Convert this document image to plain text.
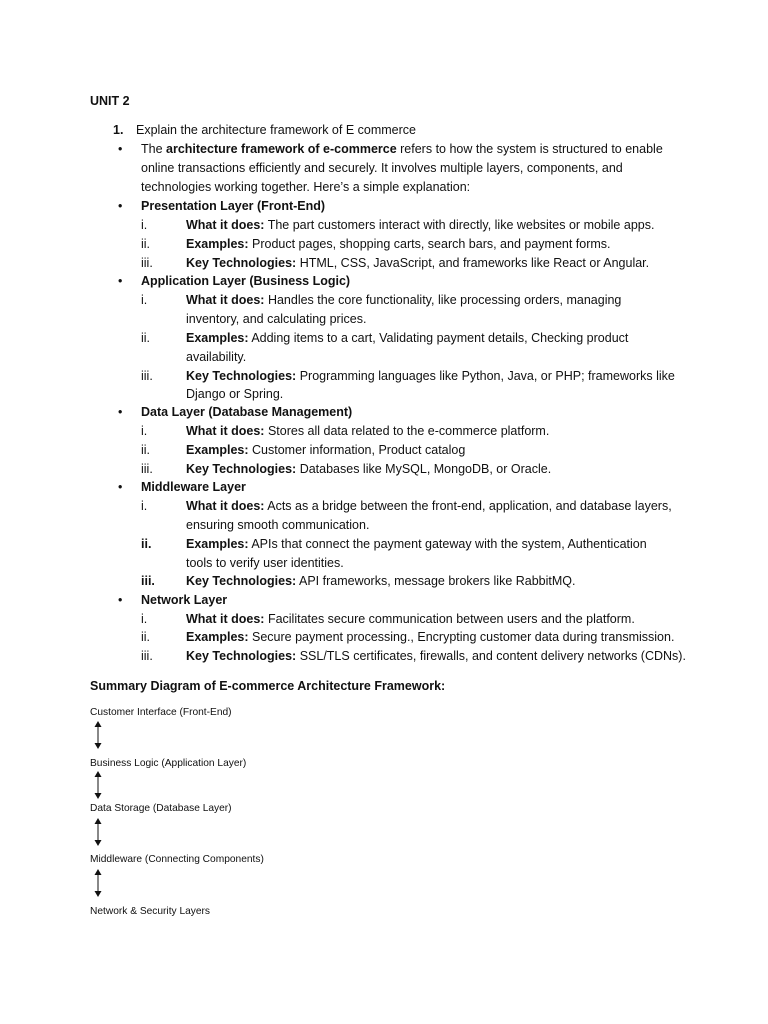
UNIT 2
1. Explain the architecture framework of E commerce
• The architecture framework of e-commerce refers to how the system is structured to enable
online transactions efficiently and securely. It involves multiple layers, components, and
technologies working together. Here’s a simple explanation:
• Presentation Layer (Front-End)
i.	What it does: The part customers interact with directly, like websites or mobile apps.
ii.	Examples: Product pages, shopping carts, search bars, and payment forms.
iii.	Key Technologies: HTML, CSS, JavaScript, and frameworks like React or Angular.
• Application Layer (Business Logic)
i.	What it does: Handles the core functionality, like processing orders, managing
inventory, and calculating prices.
ii.	Examples: Adding items to a cart, Validating payment details, Checking product
availability.
iii.	Key Technologies: Programming languages like Python, Java, or PHP; frameworks like
Django or Spring.
• Data Layer (Database Management)
i.	What it does: Stores all data related to the e-commerce platform.
ii.	Examples: Customer information, Product catalog
iii.	Key Technologies: Databases like MySQL, MongoDB, or Oracle.
• Middleware Layer
i.	What it does: Acts as a bridge between the front-end, application, and database layers,
ensuring smooth communication.
ii.	Examples: APIs that connect the payment gateway with the system, Authentication
tools to verify user identities.
iii. Key Technologies: API frameworks, message brokers like RabbitMQ.
• Network Layer
i.	What it does: Facilitates secure communication between users and the platform.
ii.	Examples: Secure payment processing., Encrypting customer data during transmission.
iii.	Key Technologies: SSL/TLS certificates, firewalls, and content delivery networks (CDNs).
Summary Diagram of E-commerce Architecture Framework:
Customer Interface (Front-End)
Business Logic (Application Layer)
Data Storage (Database Layer)
Middleware (Connecting Components)
Network & Security Layers
